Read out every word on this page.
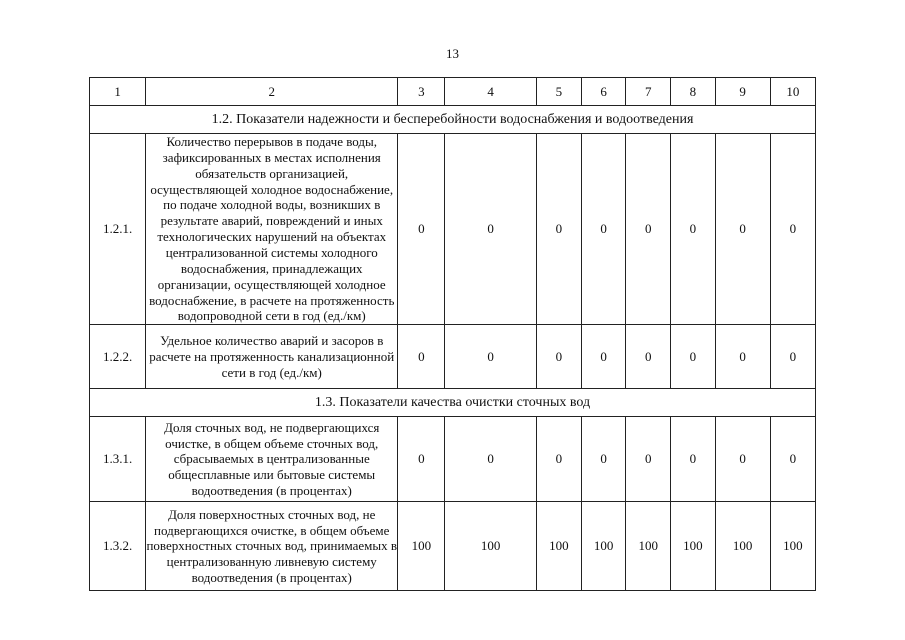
13
1	2	3	4	5	6	7	8	9	10
1.2. Показатели надежности и бесперебойности водоснабжения и водоотведения									
1.2.1.	Количество перерывов в подаче воды, зафиксированных в местах исполнения обязательств организацией, осуществляющей холодное водоснабжение, по подаче холодной воды, возникших в результате аварий, повреждений и иных технологических нарушений на объектах централизованной системы холодного водоснабжения, принадлежащих организации, осуществляющей холодное водоснабжение, в расчете на протяженность водопроводной сети в год (ед./км)	0	0	0	0	0	0	0	0
1.2.2.	Удельное количество аварий и засоров в расчете на протяженность канализационной сети в год (ед./км)	0	0	0	0	0	0	0	0
1.3. Показатели качества очистки сточных вод									
1.3.1.	Доля сточных вод, не подвергающихся очистке, в общем объеме сточных вод, сбрасываемых в централизованные общесплавные или бытовые системы водоотведения (в процентах)	0	0	0	0	0	0	0	0
1.3.2.	Доля поверхностных сточных вод, не подвергающихся очистке, в общем объеме поверхностных сточных вод, принимаемых в централизованную ливневую систему водоотведения (в процентах)	100	100	100	100	100	100	100	100
